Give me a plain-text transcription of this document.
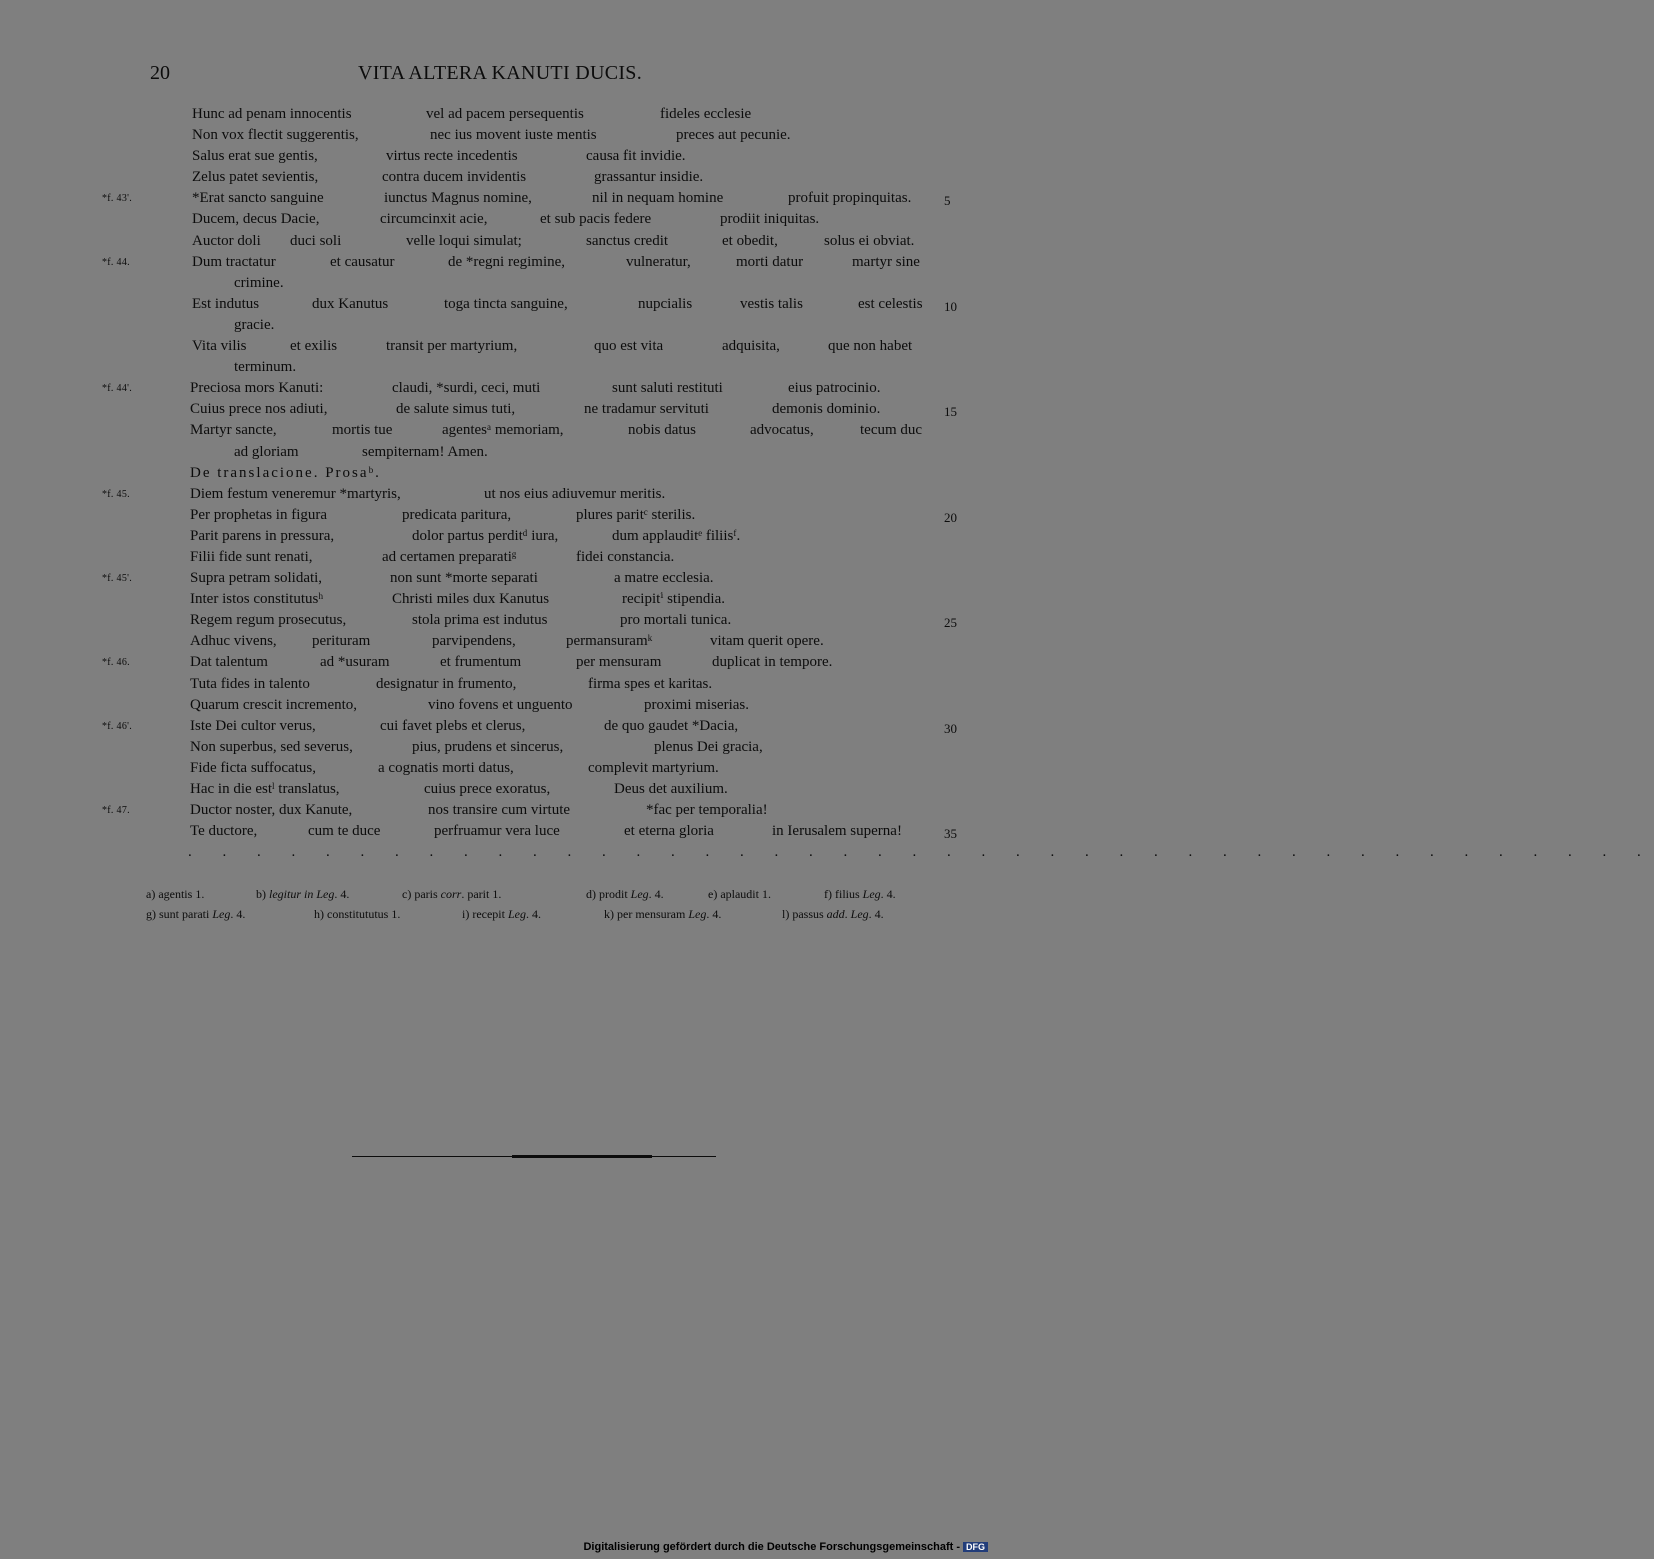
20	VITA ALTERA KANUTI DUCIS.
Hunc ad penam innocentis	vel ad pacem persequentis	fideles ecclesie
Non vox flectit suggerentis,	nec ius movent iuste mentis	preces aut pecunie.
Salus erat sue gentis,	virtus recte incedentis	causa fit invidie.
Zelus patet sevientis,	contra ducem invidentis	grassantur insidie.
*f. 43'.	*Erat sancto sanguine	iunctus Magnus nomine,	nil in nequam homine	profuit propinquitas.	5
Ducem, decus Dacie,	circumcinxit acie,	et sub pacis federe	prodiit iniquitas.
Auctor doli duci soli	velle loqui simulat;	sanctus credit	et obedit,	solus ei obviat.
*f. 44.	Dum tractatur	et causatur	de *regni regimine,	vulneratur,	morti datur	martyr sine
crimine.
Est indutus	dux Kanutus	toga tincta sanguine,	nupcialis	vestis talis	est celestis 10
gracie.
Vita vilis	et exilis	transit per martyrium,	quo est vita	adquisita,	que non habet
terminum.
*f. 44'.	Preciosa mors Kanuti:	claudi, *surdi, ceci, muti	sunt saluti restituti	eius patrocinio.
Cuius prece nos adiuti,	de salute simus tuti,	ne tradamur servituti	demonis dominio.	15
Martyr sancte,	mortis tue	agentesᵃ memoriam,	nobis datus	advocatus,	tecum duc
ad gloriam	sempiternam! Amen.
De translacione. Prosaᵇ.
*f. 45.	Diem festum veneremur *martyris,	ut nos eius adiuvemur meritis.
Per prophetas in figura	predicata paritura,	plures paritᶜ sterilis.	20
Parit parens in pressura,	dolor partus perditᵈ iura,	dum applauditᵉ filiisᶠ.
Filii fide sunt renati,	ad certamen preparatiᵍ	fidei constancia.
*f. 45'.	Supra petram solidati,	non sunt *morte separati	a matre ecclesia.
Inter istos constitutusʰ	Christi miles dux Kanutus	recipitⁱ stipendia.
Regem regum prosecutus,	stola prima est indutus	pro mortali tunica.	25
Adhuc vivens, perituram	parvipendens,	permansuramᵏ	vitam querit opere.
*f. 46.	Dat talentum	ad *usuram	et frumentum	per mensuram	duplicat in tempore.
Tuta fides in talento	designatur in frumento,	firma spes et karitas.
Quarum crescit incremento,	vino fovens et unguento	proximi miserias.
*f. 46'.	Iste Dei cultor verus,	cui favet plebs et clerus,	de quo gaudet *Dacia,	30
Non superbus, sed severus,	pius, prudens et sincerus,	plenus Dei gracia,
Fide ficta suffocatus,	a cognatis morti datus,	complevit martyrium.
Hac in die estˡ translatus,	cuius prece exoratus,	Deus det auxilium.
*f. 47.	Ductor noster, dux Kanute,	nos transire cum virtute	*fac per temporalia!
Te ductore,	cum te duce	perfruamur vera luce	et eterna gloria	in Ierusalem superna!	35
. . . . . . . . . . . . . . . . . . . . . . . . . . . . . . . . . . . . . . . . . . .
a) agentis 1.	b) legitur in Leg. 4.	c) paris corr. parit 1.	d) prodit Leg. 4.	e) aplaudit 1.	f) filius Leg. 4.
g) sunt parati Leg. 4.	h) constitututus 1.	i) recepit Leg. 4.	k) per mensuram Leg. 4.	l) passus add. Leg. 4.
Digitalisierung gefördert durch die Deutsche Forschungsgemeinschaft - DFG
